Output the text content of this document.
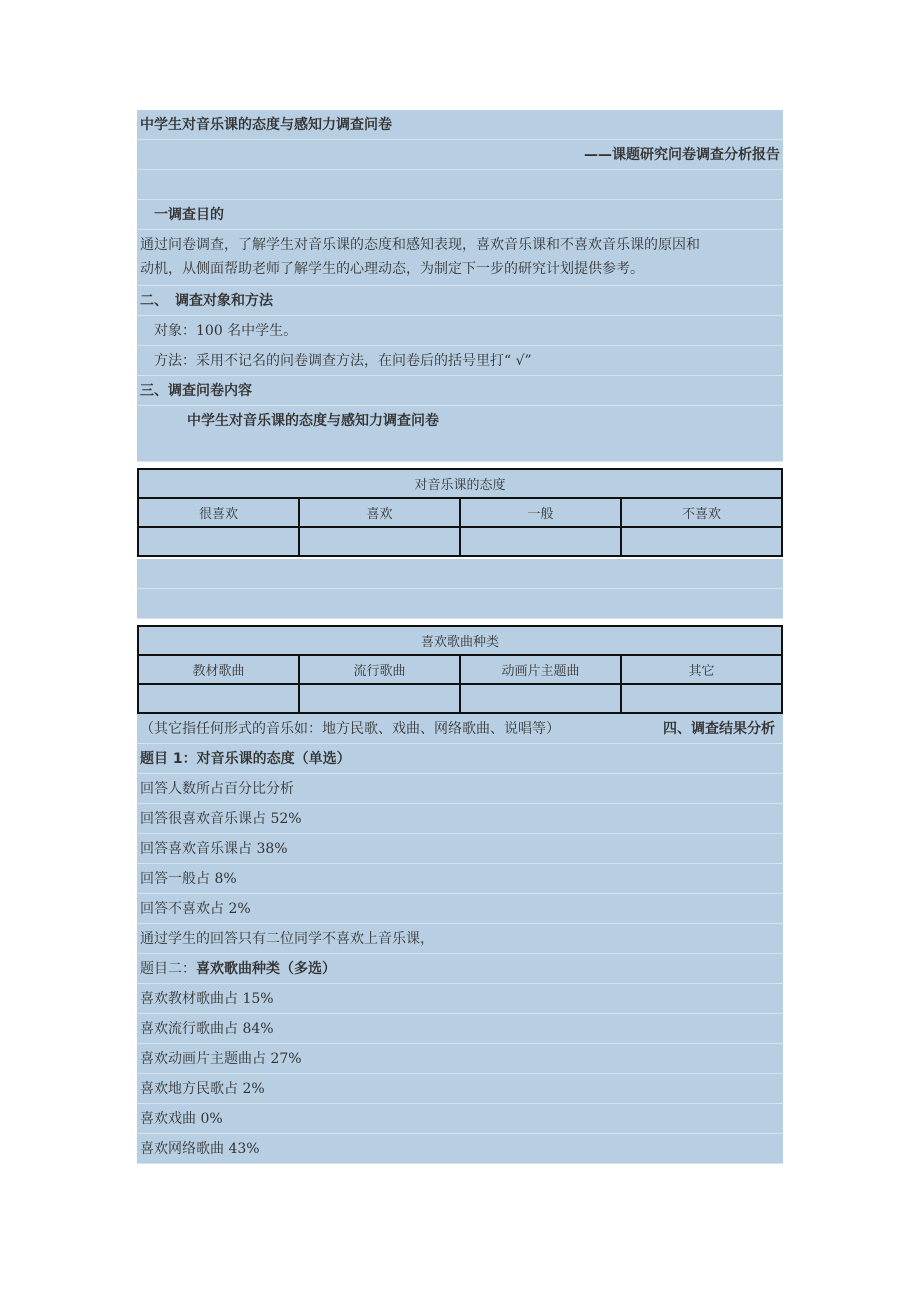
中学生对音乐课的态度与感知力调查问卷
——课题研究问卷调查分析报告
一调查目的
通过问卷调查，了解学生对音乐课的态度和感知表现，喜欢音乐课和不喜欢音乐课的原因和
动机，从侧面帮助老师了解学生的心理动态，为制定下一步的研究计划提供参考。
二、　调查对象和方法
对象：100 名中学生。
方法：采用不记名的问卷调查方法，在问卷后的括号里打“ √”
三、调查问卷内容
中学生对音乐课的态度与感知力调查问卷
对音乐课的态度			
很喜欢	喜欢	一般	不喜欢

喜欢歌曲种类			
教材歌曲	流行歌曲	动画片主题曲	其它

（其它指任何形式的音乐如：地方民歌、戏曲、网络歌曲、说唱等）	四、调查结果分析
题目 1：对音乐课的态度（单选）
回答人数所占百分比分析
回答很喜欢音乐课占 52%
回答喜欢音乐课占 38%
回答一般占 8%
回答不喜欢占 2%
通过学生的回答只有二位同学不喜欢上音乐课，
题目二：喜欢歌曲种类（多选）
喜欢教材歌曲占 15%
喜欢流行歌曲占 84%
喜欢动画片主题曲占 27%
喜欢地方民歌占 2%
喜欢戏曲 0%
喜欢网络歌曲 43%
